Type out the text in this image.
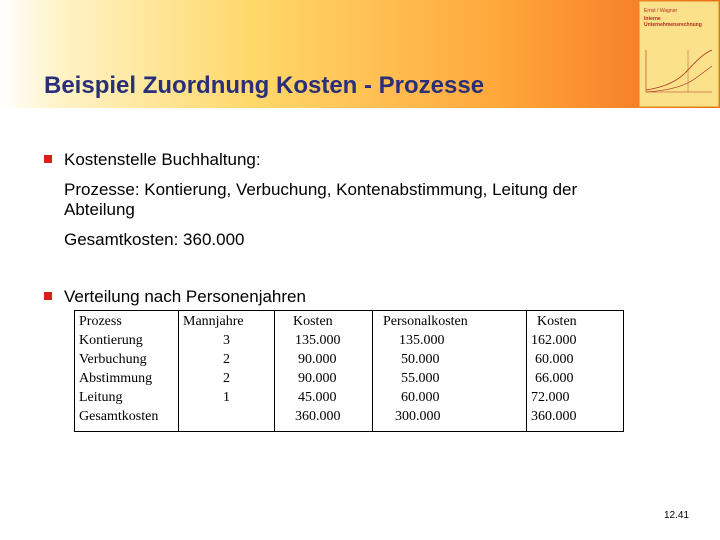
Beispiel Zuordnung Kosten - Prozesse
Ernst / Wagner
Interne
Unternehmensrechnung
Kostenstelle Buchhaltung:
Prozesse: Kontierung, Verbuchung, Kontenabstimmung, Leitung der
Abteilung
Gesamtkosten: 360.000
Verteilung nach Personenjahren
Prozess
Kontierung
Verbuchung
Abstimmung
Leitung
Gesamtkosten
Mannjahre
3
2
2
1
Kosten
135.000
90.000
90.000
45.000
360.000
Personalkosten
135.000
50.000
55.000
60.000
300.000
Kosten
162.000
60.000
66.000
72.000
360.000
12.41
